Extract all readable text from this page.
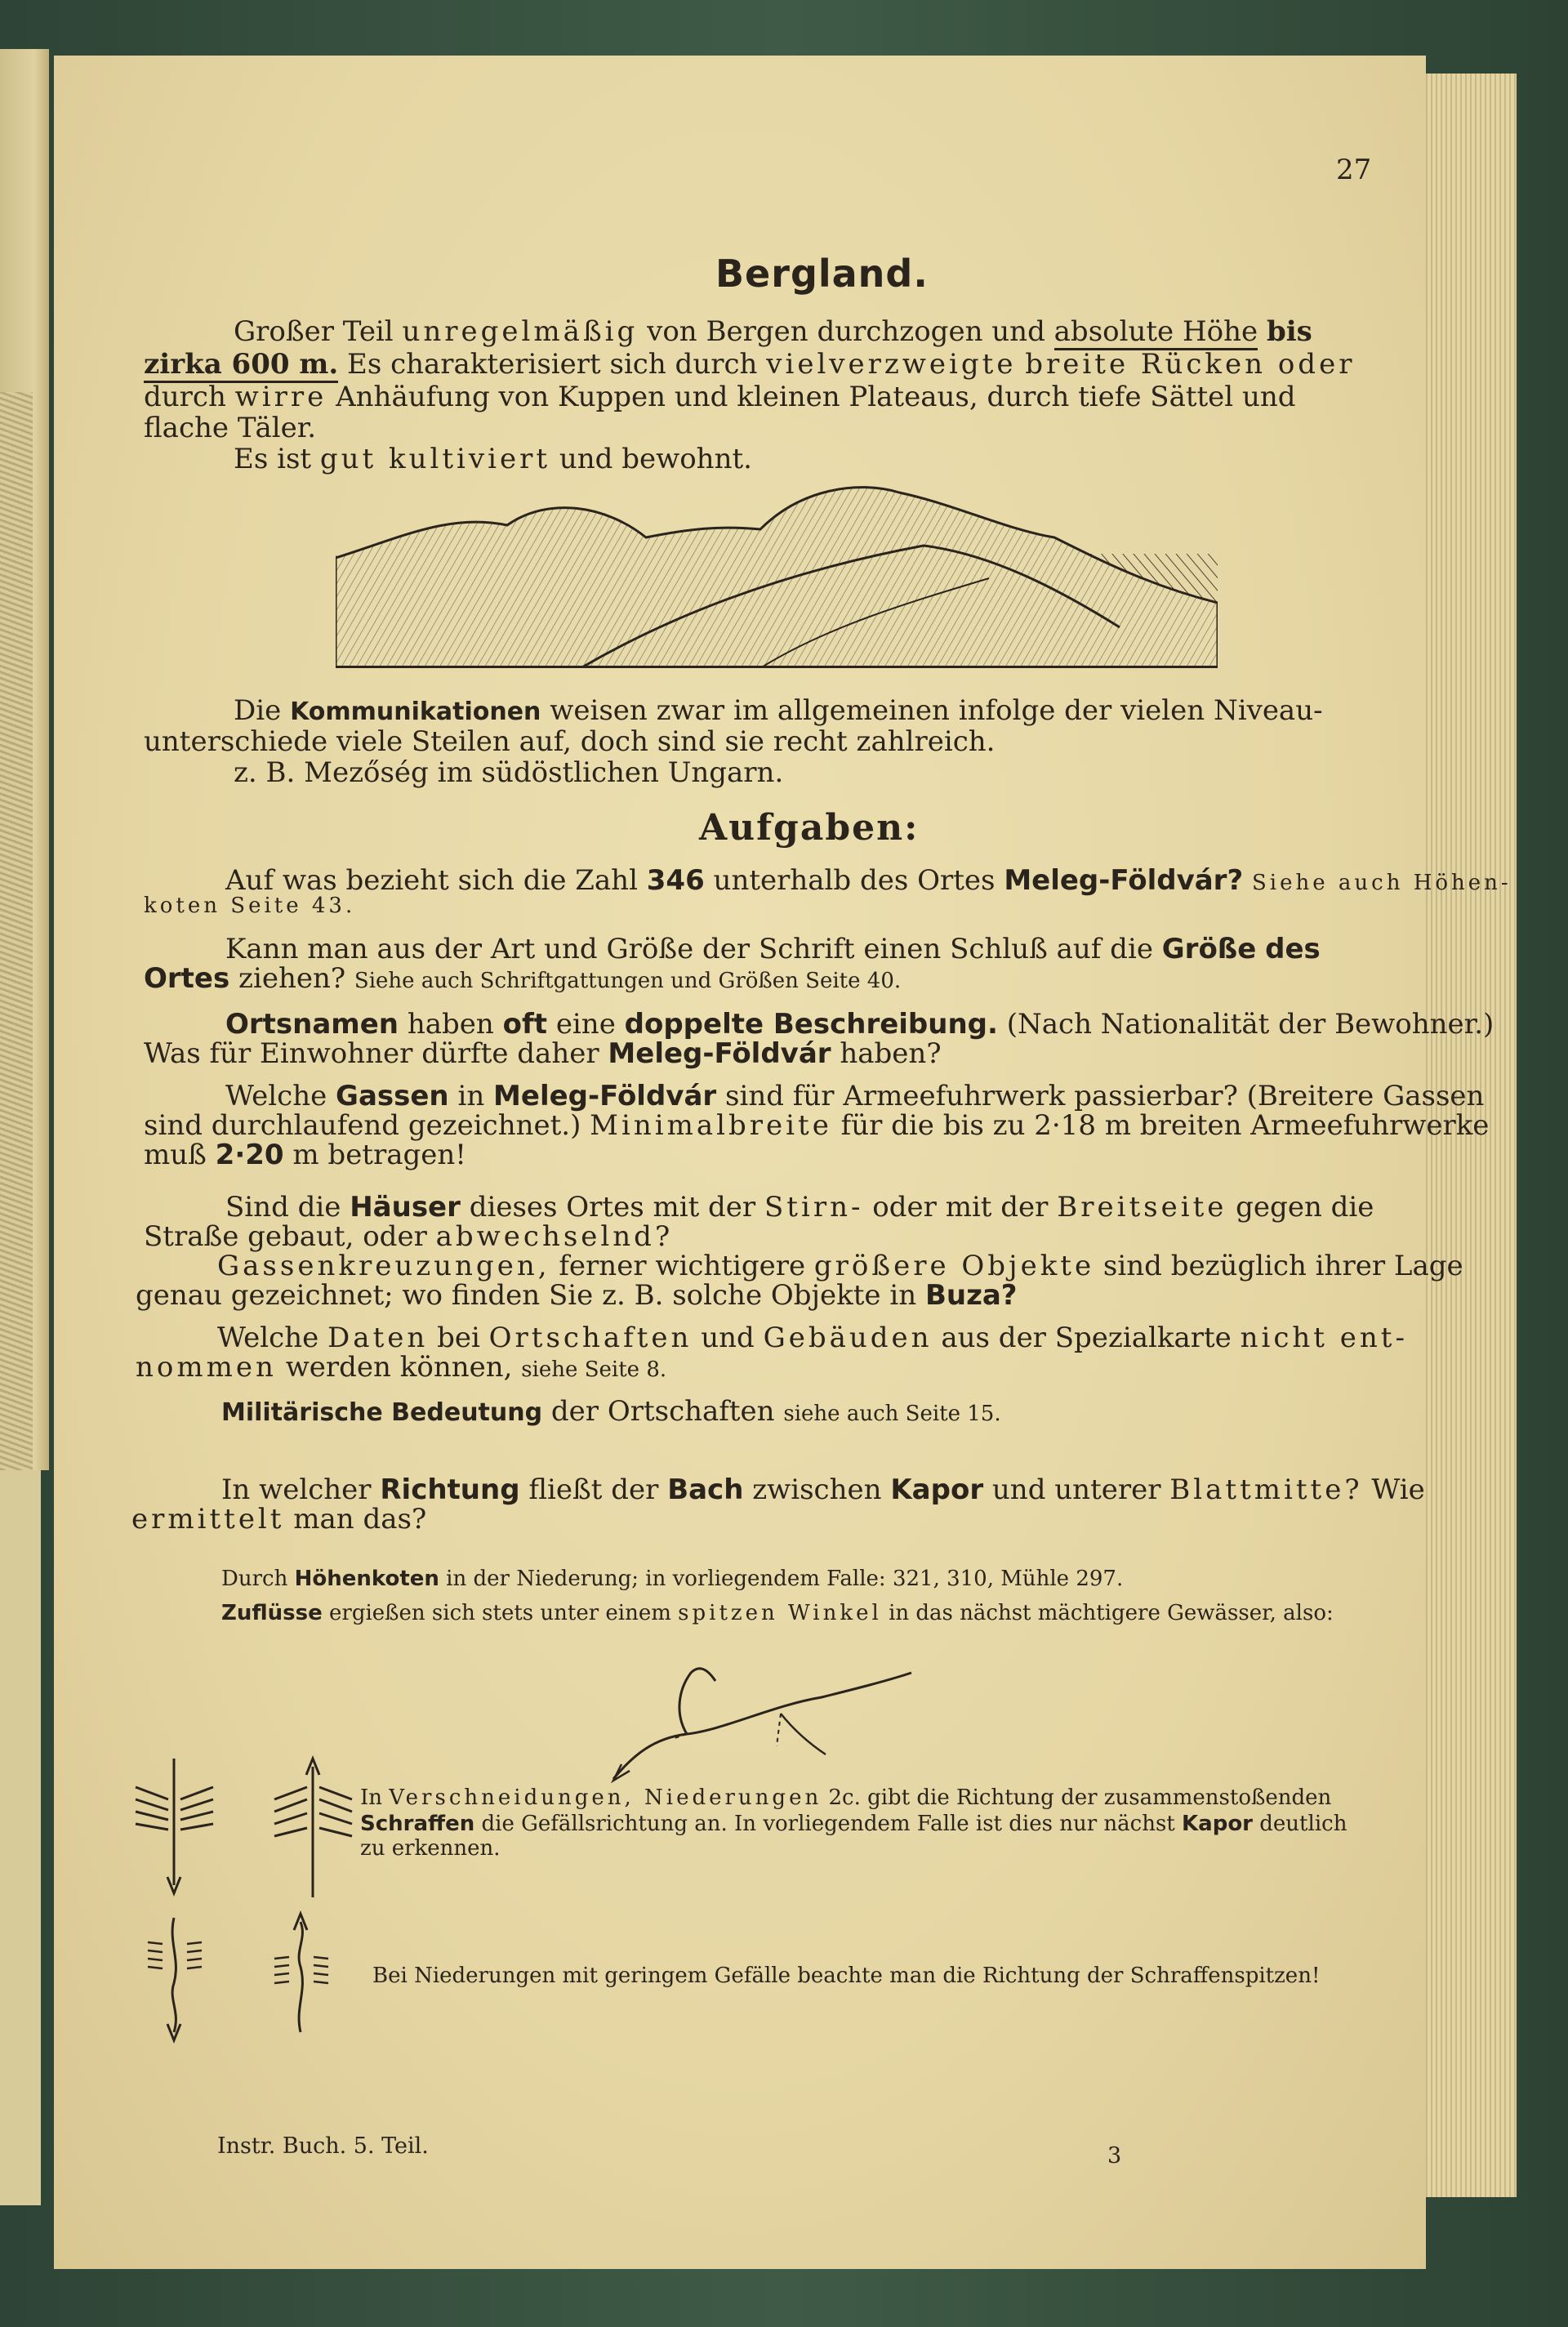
27

Bergland.

Großer Teil unregelmäßig von Bergen durchzogen und absolute Höhe bis

zirka 600 m. Es charakterisiert sich durch vielverzweigte breite Rücken oder

durch wirre Anhäufung von Kuppen und kleinen Plateaus, durch tiefe Sättel und

flache Täler.

Es ist gut kultiviert und bewohnt.

Die Kommunikationen weisen zwar im allgemeinen infolge der vielen Niveau-

unterschiede viele Steilen auf, doch sind sie recht zahlreich.

z. B. Mezőség im südöstlichen Ungarn.

Aufgaben:

Auf was bezieht sich die Zahl 346 unterhalb des Ortes Meleg-Földvár? Siehe auch Höhen-

koten Seite 43.

Kann man aus der Art und Größe der Schrift einen Schluß auf die Größe des

Ortes ziehen? Siehe auch Schriftgattungen und Größen Seite 40.

Ortsnamen haben oft eine doppelte Beschreibung. (Nach Nationalität der Bewohner.)

Was für Einwohner dürfte daher Meleg-Földvár haben?

Welche Gassen in Meleg-Földvár sind für Armeefuhrwerk passierbar? (Breitere Gassen

sind durchlaufend gezeichnet.) Minimalbreite für die bis zu 2·18 m breiten Armeefuhrwerke

muß 2·20 m betragen!

Sind die Häuser dieses Ortes mit der Stirn- oder mit der Breitseite gegen die

Straße gebaut, oder abwechselnd?

Gassenkreuzungen, ferner wichtigere größere Objekte sind bezüglich ihrer Lage

genau gezeichnet; wo finden Sie z. B. solche Objekte in Buza?

Welche Daten bei Ortschaften und Gebäuden aus der Spezialkarte nicht ent-

nommen werden können, siehe Seite 8.

Militärische Bedeutung der Ortschaften siehe auch Seite 15.

In welcher Richtung fließt der Bach zwischen Kapor und unterer Blattmitte? Wie

ermittelt man das?

Durch Höhenkoten in der Niederung; in vorliegendem Falle: 321, 310, Mühle 297.

Zuflüsse ergießen sich stets unter einem spitzen Winkel in das nächst mächtigere Gewässer, also:

In Verschneidungen, Niederungen 2c. gibt die Richtung der zusammenstoßenden

Schraffen die Gefällsrichtung an. In vorliegendem Falle ist dies nur nächst Kapor deutlich

zu erkennen.

Bei Niederungen mit geringem Gefälle beachte man die Richtung der Schraffenspitzen!

Instr. Buch. 5. Teil.	3
